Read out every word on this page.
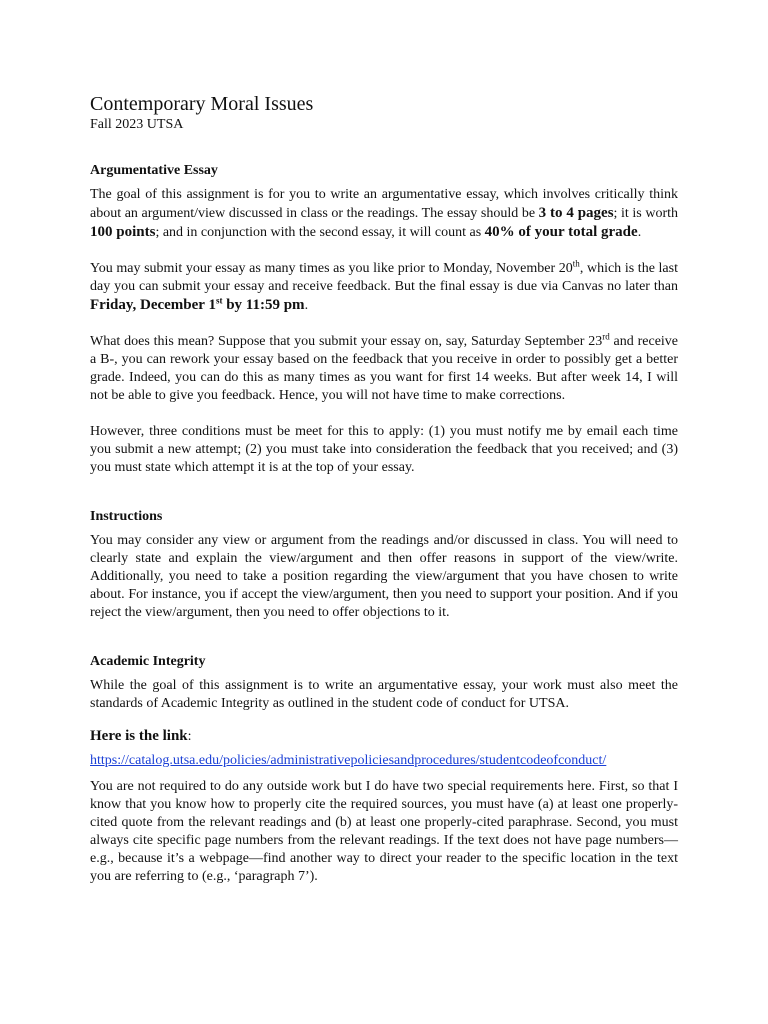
Contemporary Moral Issues
Fall 2023 UTSA
Argumentative Essay

The goal of this assignment is for you to write an argumentative essay, which involves critically think about an argument/view discussed in class or the readings. The essay should be 3 to 4 pages; it is worth 100 points; and in conjunction with the second essay, it will count as 40% of your total grade.

You may submit your essay as many times as you like prior to Monday, November 20th, which is the last day you can submit your essay and receive feedback. But the final essay is due via Canvas no later than Friday, December 1st by 11:59 pm.

What does this mean? Suppose that you submit your essay on, say, Saturday September 23rd and receive a B-, you can rework your essay based on the feedback that you receive in order to possibly get a better grade. Indeed, you can do this as many times as you want for first 14 weeks. But after week 14, I will not be able to give you feedback. Hence, you will not have time to make corrections.

However, three conditions must be meet for this to apply: (1) you must notify me by email each time you submit a new attempt; (2) you must take into consideration the feedback that you received; and (3) you must state which attempt it is at the top of your essay.

Instructions

You may consider any view or argument from the readings and/or discussed in class. You will need to clearly state and explain the view/argument and then offer reasons in support of the view/write. Additionally, you need to take a position regarding the view/argument that you have chosen to write about. For instance, you if accept the view/argument, then you need to support your position. And if you reject the view/argument, then you need to offer objections to it.

Academic Integrity

While the goal of this assignment is to write an argumentative essay, your work must also meet the standards of Academic Integrity as outlined in the student code of conduct for UTSA.

Here is the link:
https://catalog.utsa.edu/policies/administrativepoliciesandprocedures/studentcodeofconduct/

You are not required to do any outside work but I do have two special requirements here. First, so that I know that you know how to properly cite the required sources, you must have (a) at least one properly-cited quote from the relevant readings and (b) at least one properly-cited paraphrase. Second, you must always cite specific page numbers from the relevant readings. If the text does not have page numbers—e.g., because it’s a webpage—find another way to direct your reader to the specific location in the text you are referring to (e.g., ‘paragraph 7’).
